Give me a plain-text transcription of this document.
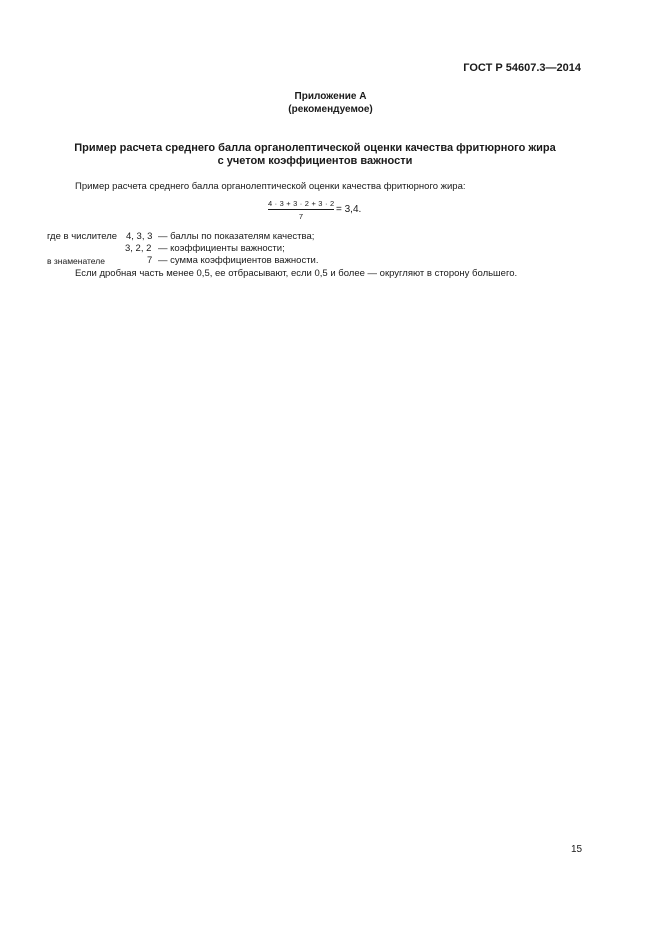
ГОСТ Р 54607.3—2014
Приложение А
(рекомендуемое)
Пример расчета среднего балла органолептической оценки качества фритюрного жира
с учетом коэффициентов важности
Пример расчета среднего балла органолептической оценки качества фритюрного жира:
4 · 3 + 3 · 2 + 3 · 2
7
= 3,4.
где в числителе 4, 3, 3 — баллы по показателям качества;
3, 2, 2 — коэффициенты важности;
в знаменателе	7 — сумма коэффициентов важности.
Если дробная часть менее 0,5, ее отбрасывают, если 0,5 и более — округляют в сторону большего.
15
